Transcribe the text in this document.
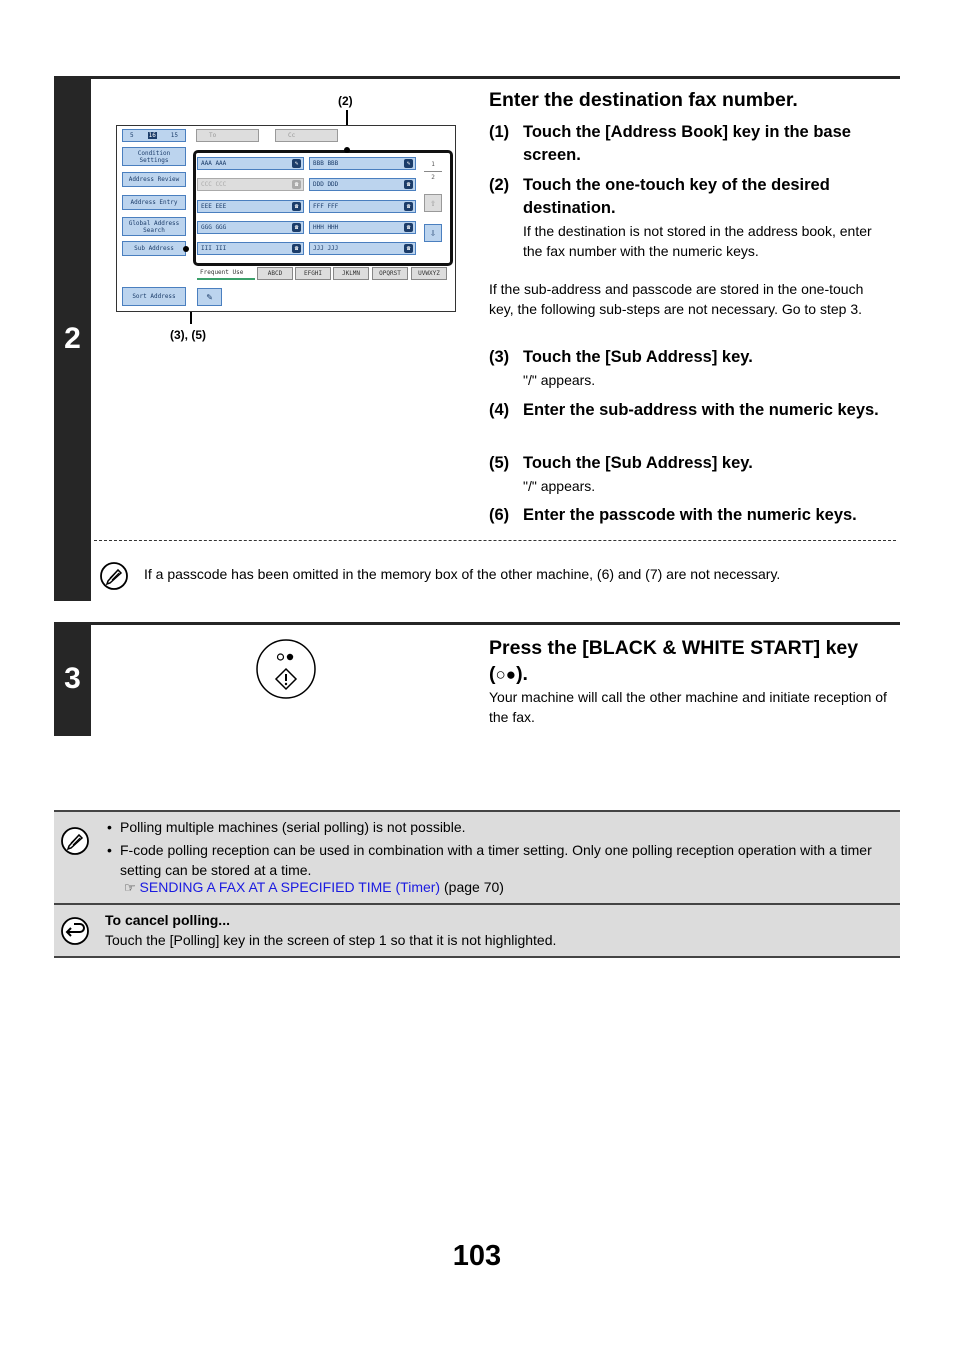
2
Enter the destination fax number.
(2)
(3), (5)
5 16 15	To	Cc
Condition Settings
Address Review
Address Entry
Global Address Search
Sub Address
Sort Address
AAA AAA	✎	BBB BBB	✎
CCC CCC	☎	DDD DDD	☎
EEE EEE	☎	FFF FFF	☎
GGG GGG	☎	HHH HHH	☎
III III	☎	JJJ JJJ	☎
1
2
⇧
⇩
Frequent Use	ABCD	EFGHI	JKLMN	OPQRST	UVWXYZ
✎
(1) Touch the [Address Book] key in the base screen.
(2) Touch the one-touch key of the desired destination.
If the destination is not stored in the address book, enter the fax number with the numeric keys.
If the sub-address and passcode are stored in the one-touch key, the following sub-steps are not necessary. Go to step 3.
(3) Touch the [Sub Address] key.
"/" appears.
(4) Enter the sub-address with the numeric keys.
(5) Touch the [Sub Address] key.
"/" appears.
(6) Enter the passcode with the numeric keys.
If a passcode has been omitted in the memory box of the other machine, (6) and (7) are not necessary.
3
Press the [BLACK & WHITE START] key (○●).
Your machine will call the other machine and initiate reception of the fax.
• Polling multiple machines (serial polling) is not possible.
• F-code polling reception can be used in combination with a timer setting. Only one polling reception operation with a timer setting can be stored at a time.
☞ SENDING A FAX AT A SPECIFIED TIME (Timer) (page 70)
To cancel polling...
Touch the [Polling] key in the screen of step 1 so that it is not highlighted.
103
